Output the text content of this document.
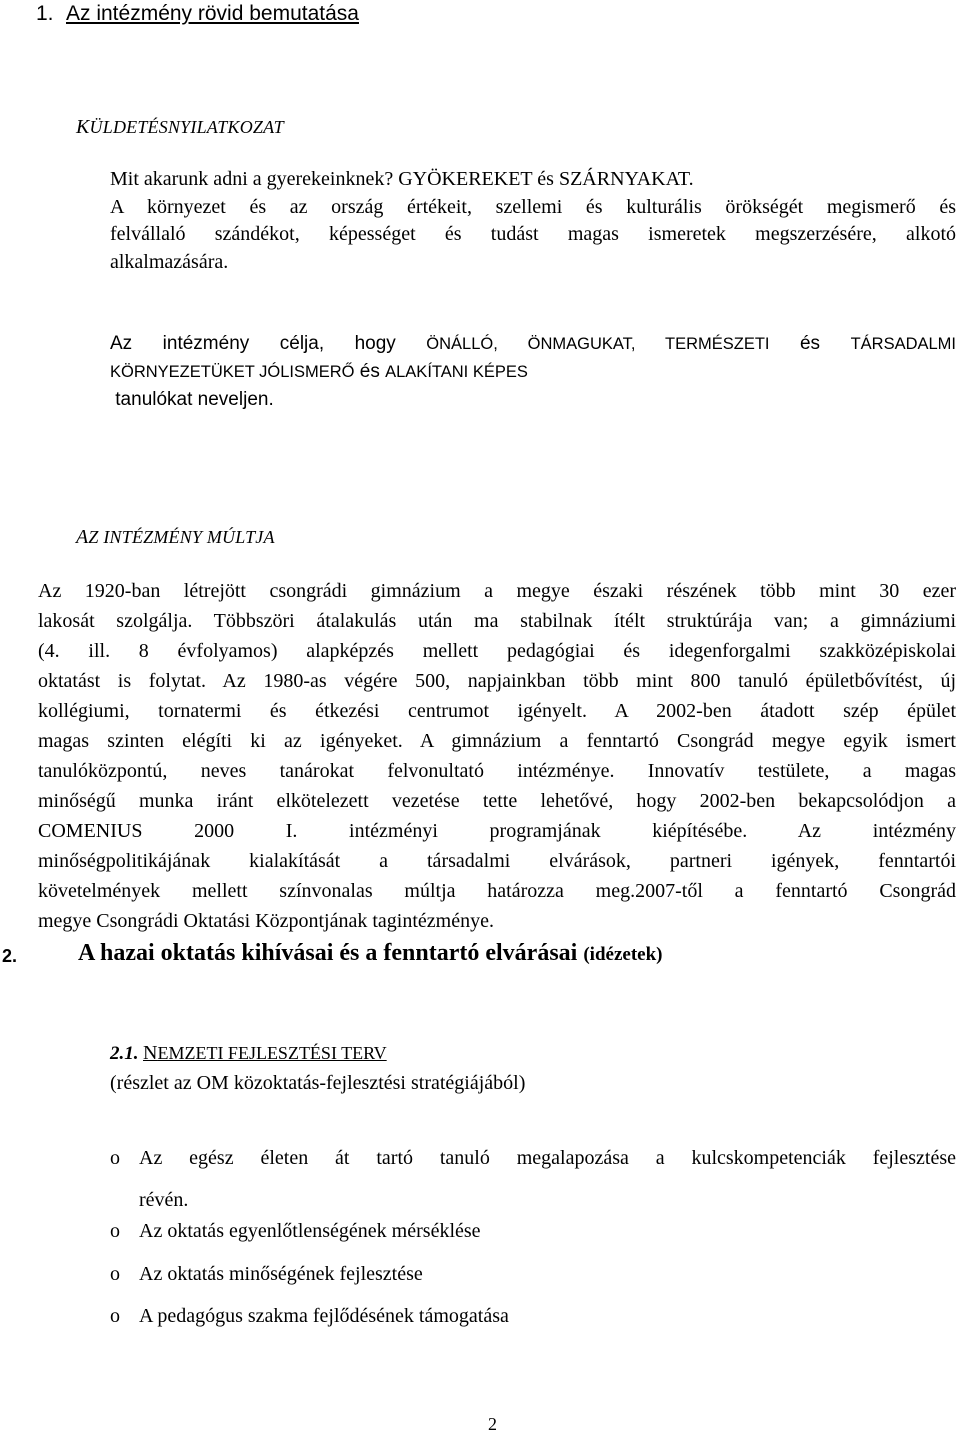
1. Az intézmény rövid bemutatása
KÜLDETÉSNYILATKOZAT
Mit akarunk adni a gyerekeinknek? GYÖKEREKET és SZÁRNYAKAT.
A környezet és az ország értékeit, szellemi és kulturális örökségét megismerő és
felvállaló szándékot, képességet és tudást magas ismeretek megszerzésére, alkotó
alkalmazására.
Az intézmény célja, hogy ÖNÁLLÓ, ÖNMAGUKAT, TERMÉSZETI és TÁRSADALMI
KÖRNYEZETÜKET JÓLISMERŐ és ALAKÍTANI KÉPES
tanulókat neveljen.
AZ INTÉZMÉNY MÚLTJA
Az 1920-ban létrejött csongrádi gimnázium a megye északi részének több mint 30 ezer
lakosát szolgálja. Többszöri átalakulás után ma stabilnak ítélt struktúrája van; a gimnáziumi
(4. ill. 8 évfolyamos) alapképzés mellett pedagógiai és idegenforgalmi szakközépiskolai
oktatást is folytat. Az 1980-as végére 500, napjainkban több mint 800 tanuló épületbővítést, új
kollégiumi, tornatermi és étkezési centrumot igényelt. A 2002-ben átadott szép épület
magas szinten elégíti ki az igényeket. A gimnázium a fenntartó Csongrád megye egyik ismert
tanulóközpontú, neves tanárokat felvonultató intézménye. Innovatív testülete, a magas
minőségű munka iránt elkötelezett vezetése tette lehetővé, hogy 2002-ben bekapcsolódjon a
COMENIUS 2000 I. intézményi programjának kiépítésébe. Az intézmény
minőségpolitikájának kialakítását a társadalmi elvárások, partneri igények, fenntartói
követelmények mellett színvonalas múltja határozza meg.2007-től a fenntartó Csongrád
megye Csongrádi Oktatási Központjának tagintézménye.
2.	A hazai oktatás kihívásai és a fenntartó elvárásai (idézetek)
2.1. NEMZETI FEJLESZTÉSI TERV
(részlet az OM közoktatás-fejlesztési stratégiájából)
o Az egész életen át tartó tanuló megalapozása a kulcskompetenciák fejlesztése
révén.
o Az oktatás egyenlőtlenségének mérséklése
o Az oktatás minőségének fejlesztése
o A pedagógus szakma fejlődésének támogatása
2
